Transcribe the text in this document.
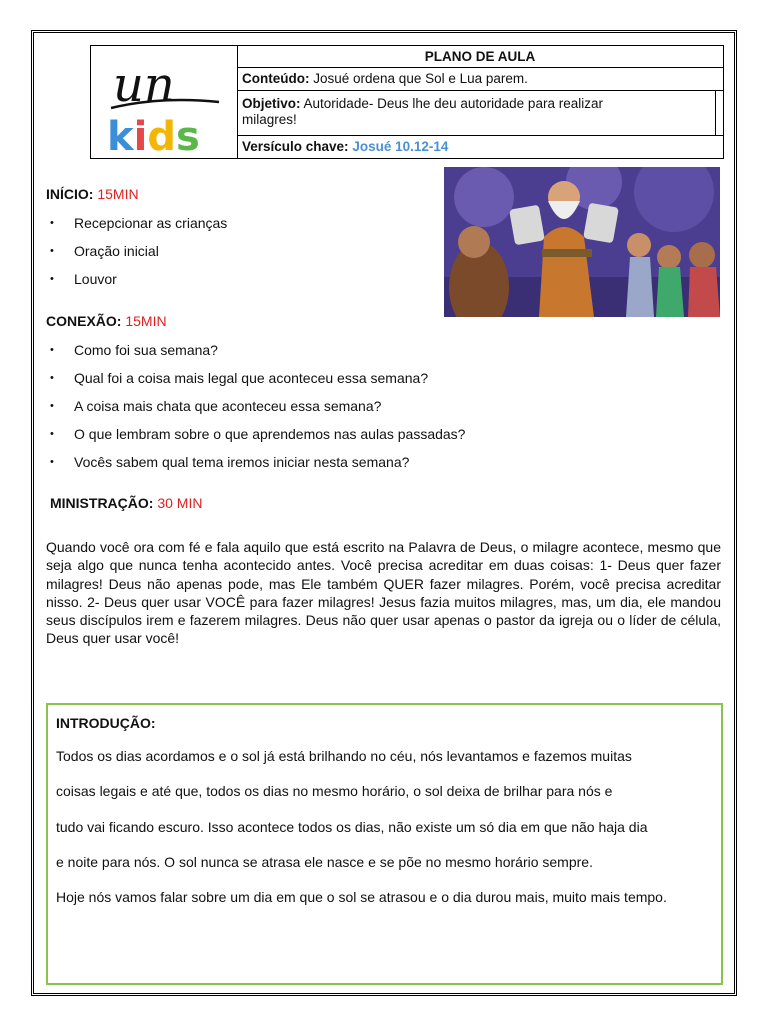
un
kids
PLANO DE AULA
Conteúdo: Josué ordena que Sol e Lua parem.
Objetivo: Autoridade- Deus lhe deu autoridade para realizar
milagres!
Versículo chave: Josué 10.12-14
INÍCIO: 15MIN
• Recepcionar as crianças
• Oração inicial
• Louvor
CONEXÃO: 15MIN
• Como foi sua semana?
• Qual foi a coisa mais legal que aconteceu essa semana?
• A coisa mais chata que aconteceu essa semana?
• O que lembram sobre o que aprendemos nas aulas passadas?
• Vocês sabem qual tema iremos iniciar nesta semana?
MINISTRAÇÃO: 30 MIN
Quando você ora com fé e fala aquilo que está escrito na Palavra de Deus, o milagre acontece, mesmo que seja algo que nunca tenha acontecido antes. Você precisa acreditar em duas coisas: 1- Deus quer fazer milagres! Deus não apenas pode, mas Ele também QUER fazer milagres. Porém, você precisa acreditar nisso. 2- Deus quer usar VOCÊ para fazer milagres! Jesus fazia muitos milagres, mas, um dia, ele mandou seus discípulos irem e fazerem milagres. Deus não quer usar apenas o pastor da igreja ou o líder de célula, Deus quer usar você!
INTRODUÇÃO:
Todos os dias acordamos e o sol já está brilhando no céu, nós levantamos e fazemos muitas
coisas legais e até que, todos os dias no mesmo horário, o sol deixa de brilhar para nós e
tudo vai ficando escuro. Isso acontece todos os dias, não existe um só dia em que não haja dia
e noite para nós. O sol nunca se atrasa ele nasce e se põe no mesmo horário sempre.
Hoje nós vamos falar sobre um dia em que o sol se atrasou e o dia durou mais, muito mais tempo.
